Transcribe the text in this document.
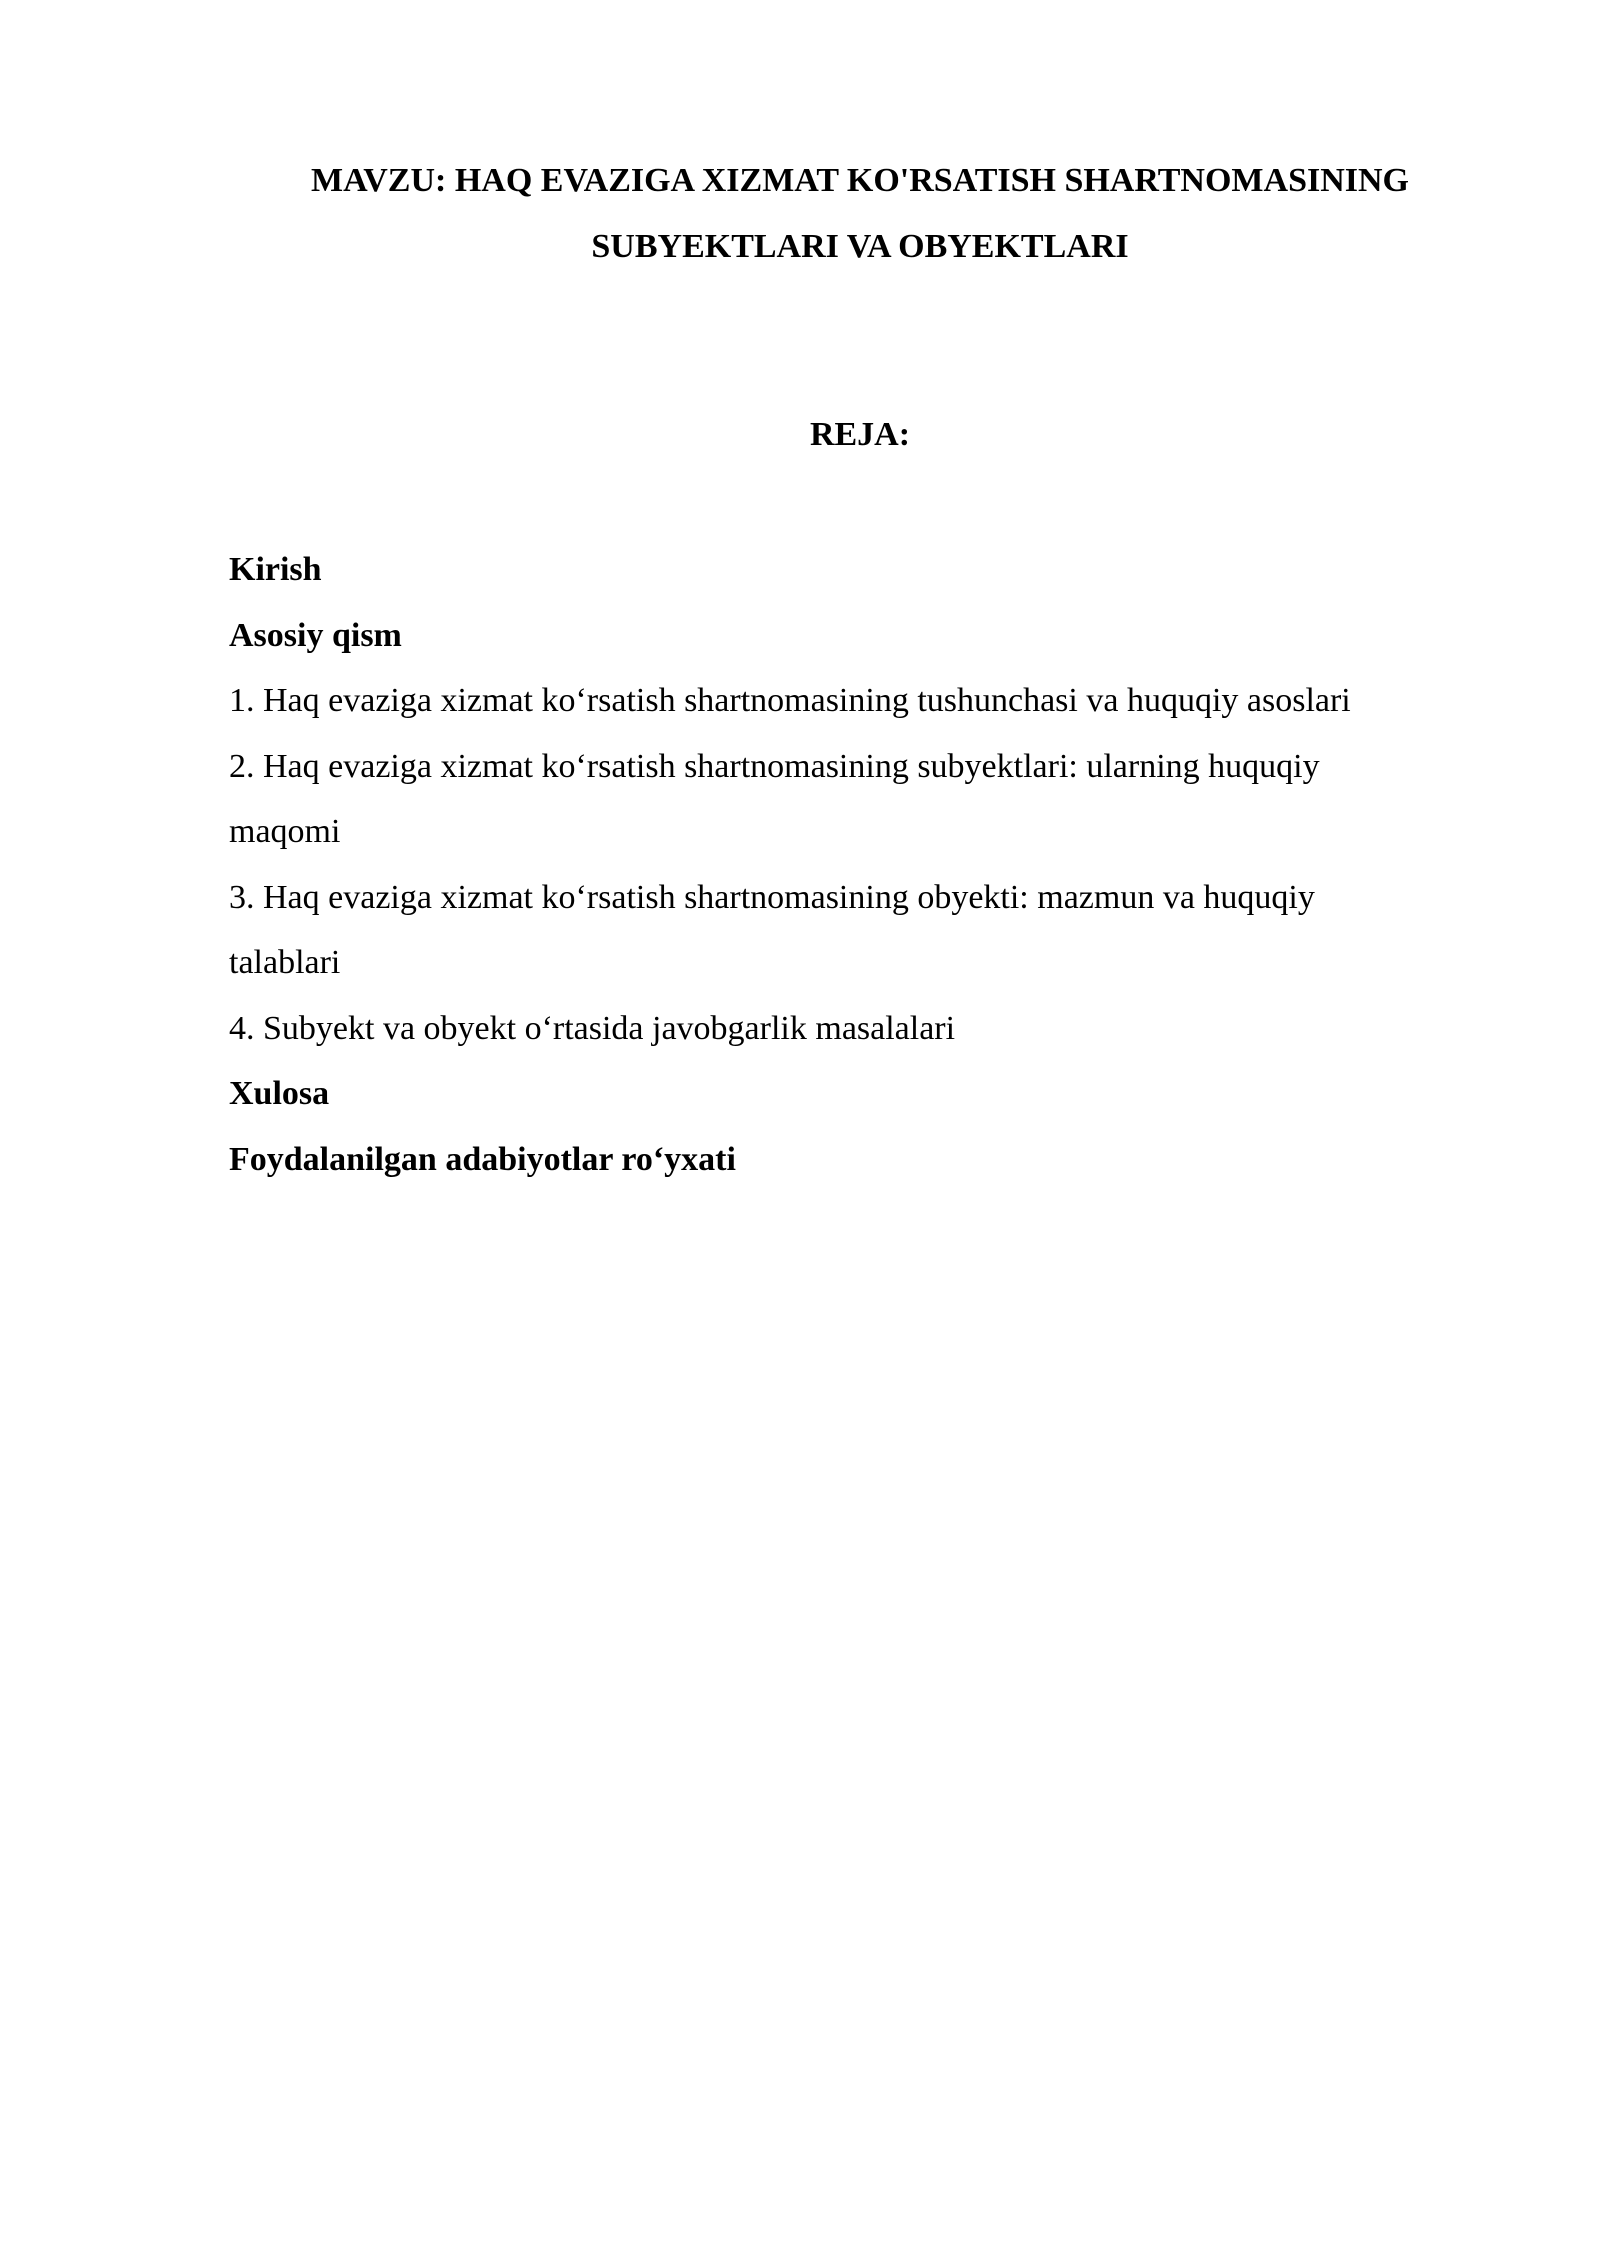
MAVZU: HAQ EVAZIGA XIZMAT KO'RSATISH SHARTNOMASINING
SUBYEKTLARI VA OBYEKTLARI
REJA:
Kirish
Asosiy qism
1. Haq evaziga xizmat ko‘rsatish shartnomasining tushunchasi va huquqiy asoslari
2. Haq evaziga xizmat ko‘rsatish shartnomasining subyektlari: ularning huquqiy
maqomi
3. Haq evaziga xizmat ko‘rsatish shartnomasining obyekti: mazmun va huquqiy
talablari
4. Subyekt va obyekt o‘rtasida javobgarlik masalalari
Xulosa
Foydalanilgan adabiyotlar ro‘yxati
